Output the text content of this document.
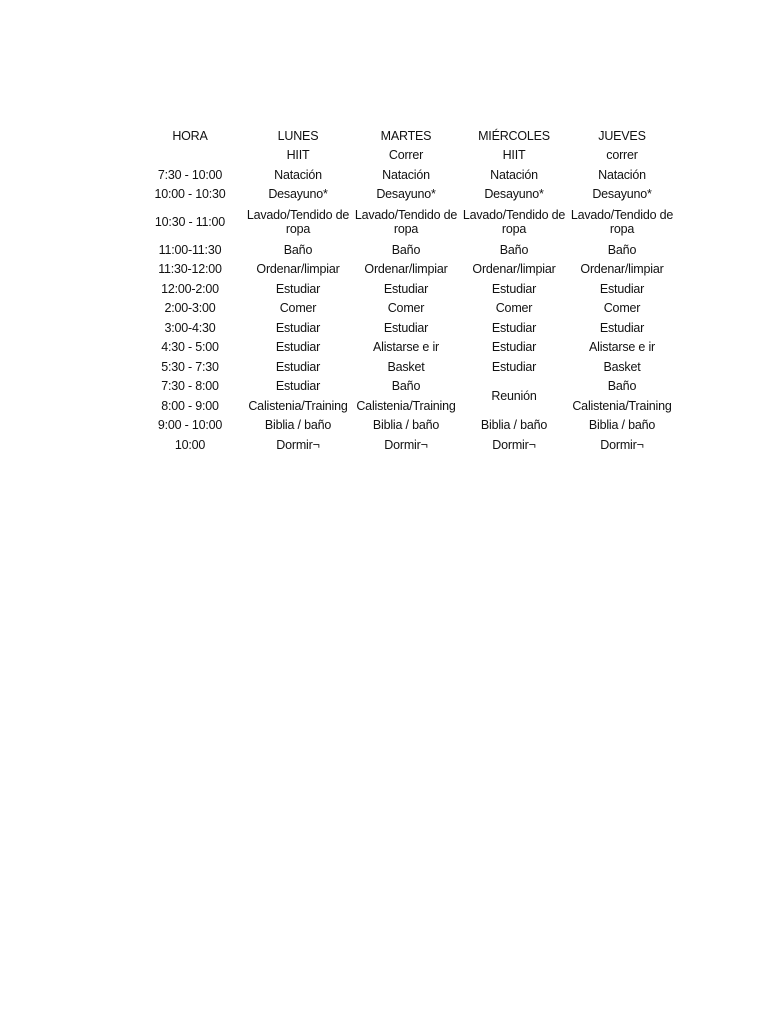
HORA	LUNES	MARTES	MIÉRCOLES	JUEVES
	HIIT	Correr	HIIT	correr
7:30 - 10:00	Natación	Natación	Natación	Natación
10:00 - 10:30	Desayuno*	Desayuno*	Desayuno*	Desayuno*
10:30 - 11:00	Lavado/Tendido de ropa	Lavado/Tendido de ropa	Lavado/Tendido de ropa	Lavado/Tendido de ropa
11:00-11:30	Baño	Baño	Baño	Baño
11:30-12:00	Ordenar/limpiar	Ordenar/limpiar	Ordenar/limpiar	Ordenar/limpiar
12:00-2:00	Estudiar	Estudiar	Estudiar	Estudiar
2:00-3:00	Comer	Comer	Comer	Comer
3:00-4:30	Estudiar	Estudiar	Estudiar	Estudiar
4:30 - 5:00	Estudiar	Alistarse e ir	Estudiar	Alistarse e ir
5:30 - 7:30	Estudiar	Basket	Estudiar	Basket
7:30 - 8:00	Estudiar	Baño	Reunión	Baño
8:00 - 9:00	Calistenia/Training	Calistenia/Training		Calistenia/Training
9:00 - 10:00	Biblia / baño	Biblia / baño	Biblia / baño	Biblia / baño
10:00	Dormir¬	Dormir¬	Dormir¬	Dormir¬
